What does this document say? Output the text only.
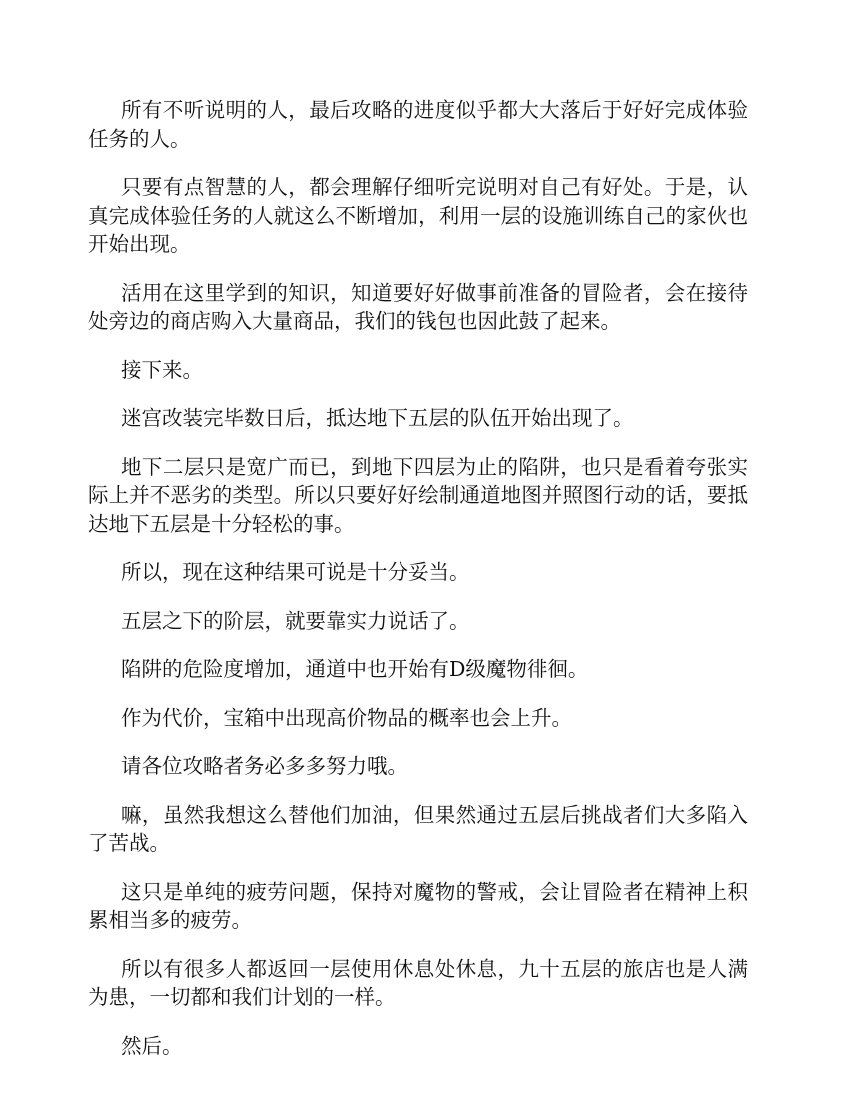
所有不听说明的人，最后攻略的进度似乎都大大落后于好好完成体验任务的人。

只要有点智慧的人，都会理解仔细听完说明对自己有好处。于是，认真完成体验任务的人就这么不断增加，利用一层的设施训练自己的家伙也开始出现。

活用在这里学到的知识，知道要好好做事前准备的冒险者，会在接待处旁边的商店购入大量商品，我们的钱包也因此鼓了起来。

接下来。

迷宫改装完毕数日后，抵达地下五层的队伍开始出现了。

地下二层只是宽广而已，到地下四层为止的陷阱，也只是看着夸张实际上并不恶劣的类型。所以只要好好绘制通道地图并照图行动的话，要抵达地下五层是十分轻松的事。

所以，现在这种结果可说是十分妥当。

五层之下的阶层，就要靠实力说话了。

陷阱的危险度增加，通道中也开始有D级魔物徘徊。

作为代价，宝箱中出现高价物品的概率也会上升。

请各位攻略者务必多多努力哦。

嘛，虽然我想这么替他们加油，但果然通过五层后挑战者们大多陷入了苦战。

这只是单纯的疲劳问题，保持对魔物的警戒，会让冒险者在精神上积累相当多的疲劳。

所以有很多人都返回一层使用休息处休息，九十五层的旅店也是人满为患，一切都和我们计划的一样。

然后。
